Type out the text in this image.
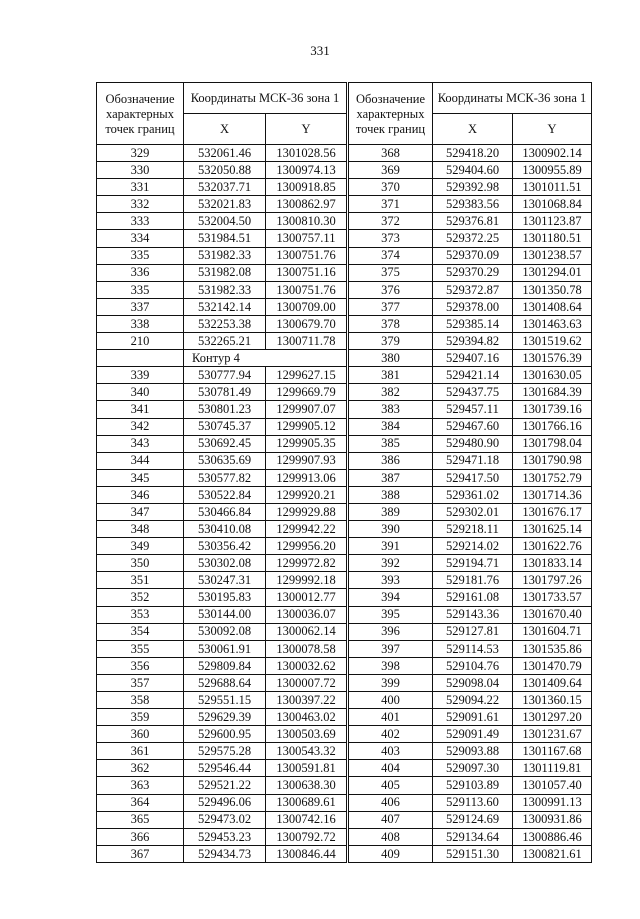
331
Обозначение характерных точек границ	Координаты МСК-36 зона 1	
	X	Y
329	532061.46	1301028.56
330	532050.88	1300974.13
331	532037.71	1300918.85
332	532021.83	1300862.97
333	532004.50	1300810.30
334	531984.51	1300757.11
335	531982.33	1300751.76
336	531982.08	1300751.16
335	531982.33	1300751.76
337	532142.14	1300709.00
338	532253.38	1300679.70
210	532265.21	1300711.78
	Контур 4	
339	530777.94	1299627.15
340	530781.49	1299669.79
341	530801.23	1299907.07
342	530745.37	1299905.12
343	530692.45	1299905.35
344	530635.69	1299907.93
345	530577.82	1299913.06
346	530522.84	1299920.21
347	530466.84	1299929.88
348	530410.08	1299942.22
349	530356.42	1299956.20
350	530302.08	1299972.82
351	530247.31	1299992.18
352	530195.83	1300012.77
353	530144.00	1300036.07
354	530092.08	1300062.14
355	530061.91	1300078.58
356	529809.84	1300032.62
357	529688.64	1300007.72
358	529551.15	1300397.22
359	529629.39	1300463.02
360	529600.95	1300503.69
361	529575.28	1300543.32
362	529546.44	1300591.81
363	529521.22	1300638.30
364	529496.06	1300689.61
365	529473.02	1300742.16
366	529453.23	1300792.72
367	529434.73	1300846.44
Обозначение характерных точек границ	Координаты МСК-36 зона 1	
	X	Y
368	529418.20	1300902.14
369	529404.60	1300955.89
370	529392.98	1301011.51
371	529383.56	1301068.84
372	529376.81	1301123.87
373	529372.25	1301180.51
374	529370.09	1301238.57
375	529370.29	1301294.01
376	529372.87	1301350.78
377	529378.00	1301408.64
378	529385.14	1301463.63
379	529394.82	1301519.62
380	529407.16	1301576.39
381	529421.14	1301630.05
382	529437.75	1301684.39
383	529457.11	1301739.16
384	529467.60	1301766.16
385	529480.90	1301798.04
386	529471.18	1301790.98
387	529417.50	1301752.79
388	529361.02	1301714.36
389	529302.01	1301676.17
390	529218.11	1301625.14
391	529214.02	1301622.76
392	529194.71	1301833.14
393	529181.76	1301797.26
394	529161.08	1301733.57
395	529143.36	1301670.40
396	529127.81	1301604.71
397	529114.53	1301535.86
398	529104.76	1301470.79
399	529098.04	1301409.64
400	529094.22	1301360.15
401	529091.61	1301297.20
402	529091.49	1301231.67
403	529093.88	1301167.68
404	529097.30	1301119.81
405	529103.89	1301057.40
406	529113.60	1300991.13
407	529124.69	1300931.86
408	529134.64	1300886.46
409	529151.30	1300821.61
